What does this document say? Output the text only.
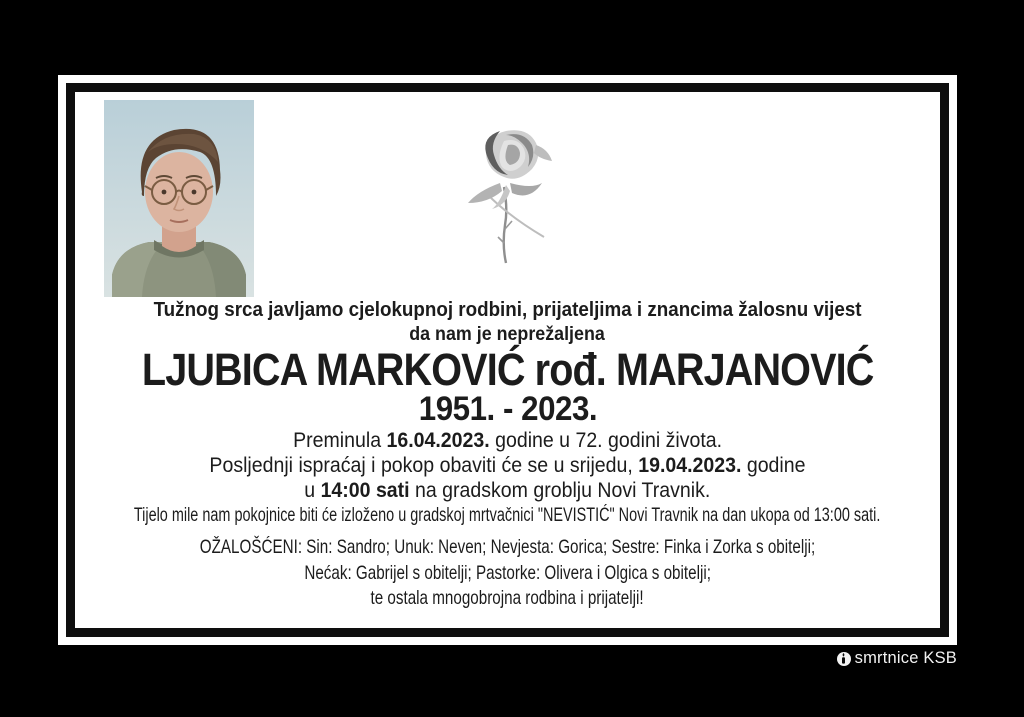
Tužnog srca javljamo cjelokupnoj rodbini, prijateljima i znancima žalosnu vijest
da nam je neprežaljena
LJUBICA MARKOVIĆ rođ. MARJANOVIĆ
1951. - 2023.
Preminula 16.04.2023. godine u 72. godini života.
Posljednji ispraćaj i pokop obaviti će se u srijedu, 19.04.2023. godine
u 14:00 sati na gradskom groblju Novi Travnik.
Tijelo mile nam pokojnice biti će izloženo u gradskoj mrtvačnici "NEVISTIĆ" Novi Travnik na dan ukopa od 13:00 sati.
OŽALOŠĆENI: Sin: Sandro; Unuk: Neven; Nevjesta: Gorica; Sestre: Finka i Zorka s obitelji;
Nećak: Gabrijel s obitelji; Pastorke: Olivera i Olgica s obitelji;
te ostala mnogobrojna rodbina i prijatelji!
smrtnice KSB
